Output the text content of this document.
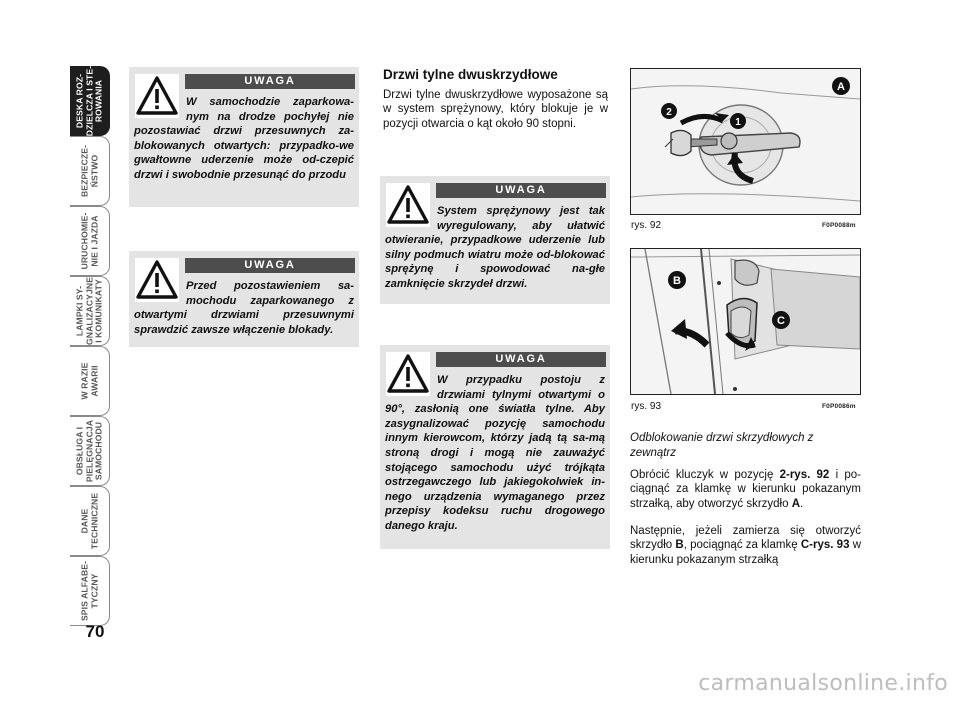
DESKA ROZ-
DZIELCZA I STE-
ROWANIA
BEZPIECZE-
ŃSTWO
URUCHOMIE-
NIE I JAZDA
LAMPKI SY-
GNALIZACYJNE
I KOMUNIKATY
W RAZIE
AWARII
OBSŁUGA I
PIELĘGNACJA
SAMOCHODU
DANE
TECHNICZNE
SPIS ALFABE-
TYCZNY
70
UWAGA
W samochodzie zaparkowa-nym na drodze pochyłej nie pozostawiać drzwi przesuwnych za-blokowanych otwartych: przypadko-we gwałtowne uderzenie może od-czepić drzwi i swobodnie przesunąć do przodu
UWAGA
Przed pozostawieniem sa-mochodu zaparkowanego z otwartymi drzwiami przesuwnymi sprawdzić zawsze włączenie blokady.
Drzwi tylne dwuskrzydłowe
Drzwi tylne dwuskrzydłowe wyposażone są w system sprężynowy, który blokuje je w pozycji otwarcia o kąt około 90 stopni.
UWAGA
System sprężynowy jest tak wyregulowany, aby ułatwić otwieranie, przypadkowe uderzenie lub silny podmuch wiatru może od-blokować sprężynę i spowodować na-głe zamknięcie skrzydeł drzwi.
UWAGA
W przypadku postoju z drzwiami tylnymi otwartymi o 90°, zasłonią one światła tylne. Aby zasygnalizować pozycję samochodu innym kierowcom, którzy jadą tą sa-mą stroną drogi i mogą nie zauważyć stojącego samochodu użyć trójkąta ostrzegawczego lub jakiegokolwiek in-nego urządzenia wymaganego przez przepisy kodeksu ruchu drogowego danego kraju.
A
1
2
rys. 92	F0P0088m
B
C
rys. 93	F0P0086m
Odblokowanie drzwi skrzydłowych z zewnątrz
Obrócić kluczyk w pozycję 2-rys. 92 i po-ciągnąć za klamkę w kierunku pokazanym strzałką, aby otworzyć skrzydło A.
Następnie, jeżeli zamierza się otworzyć skrzydło B, pociągnąć za klamkę C-rys. 93 w kierunku pokazanym strzałką
carmanualsonline.info
